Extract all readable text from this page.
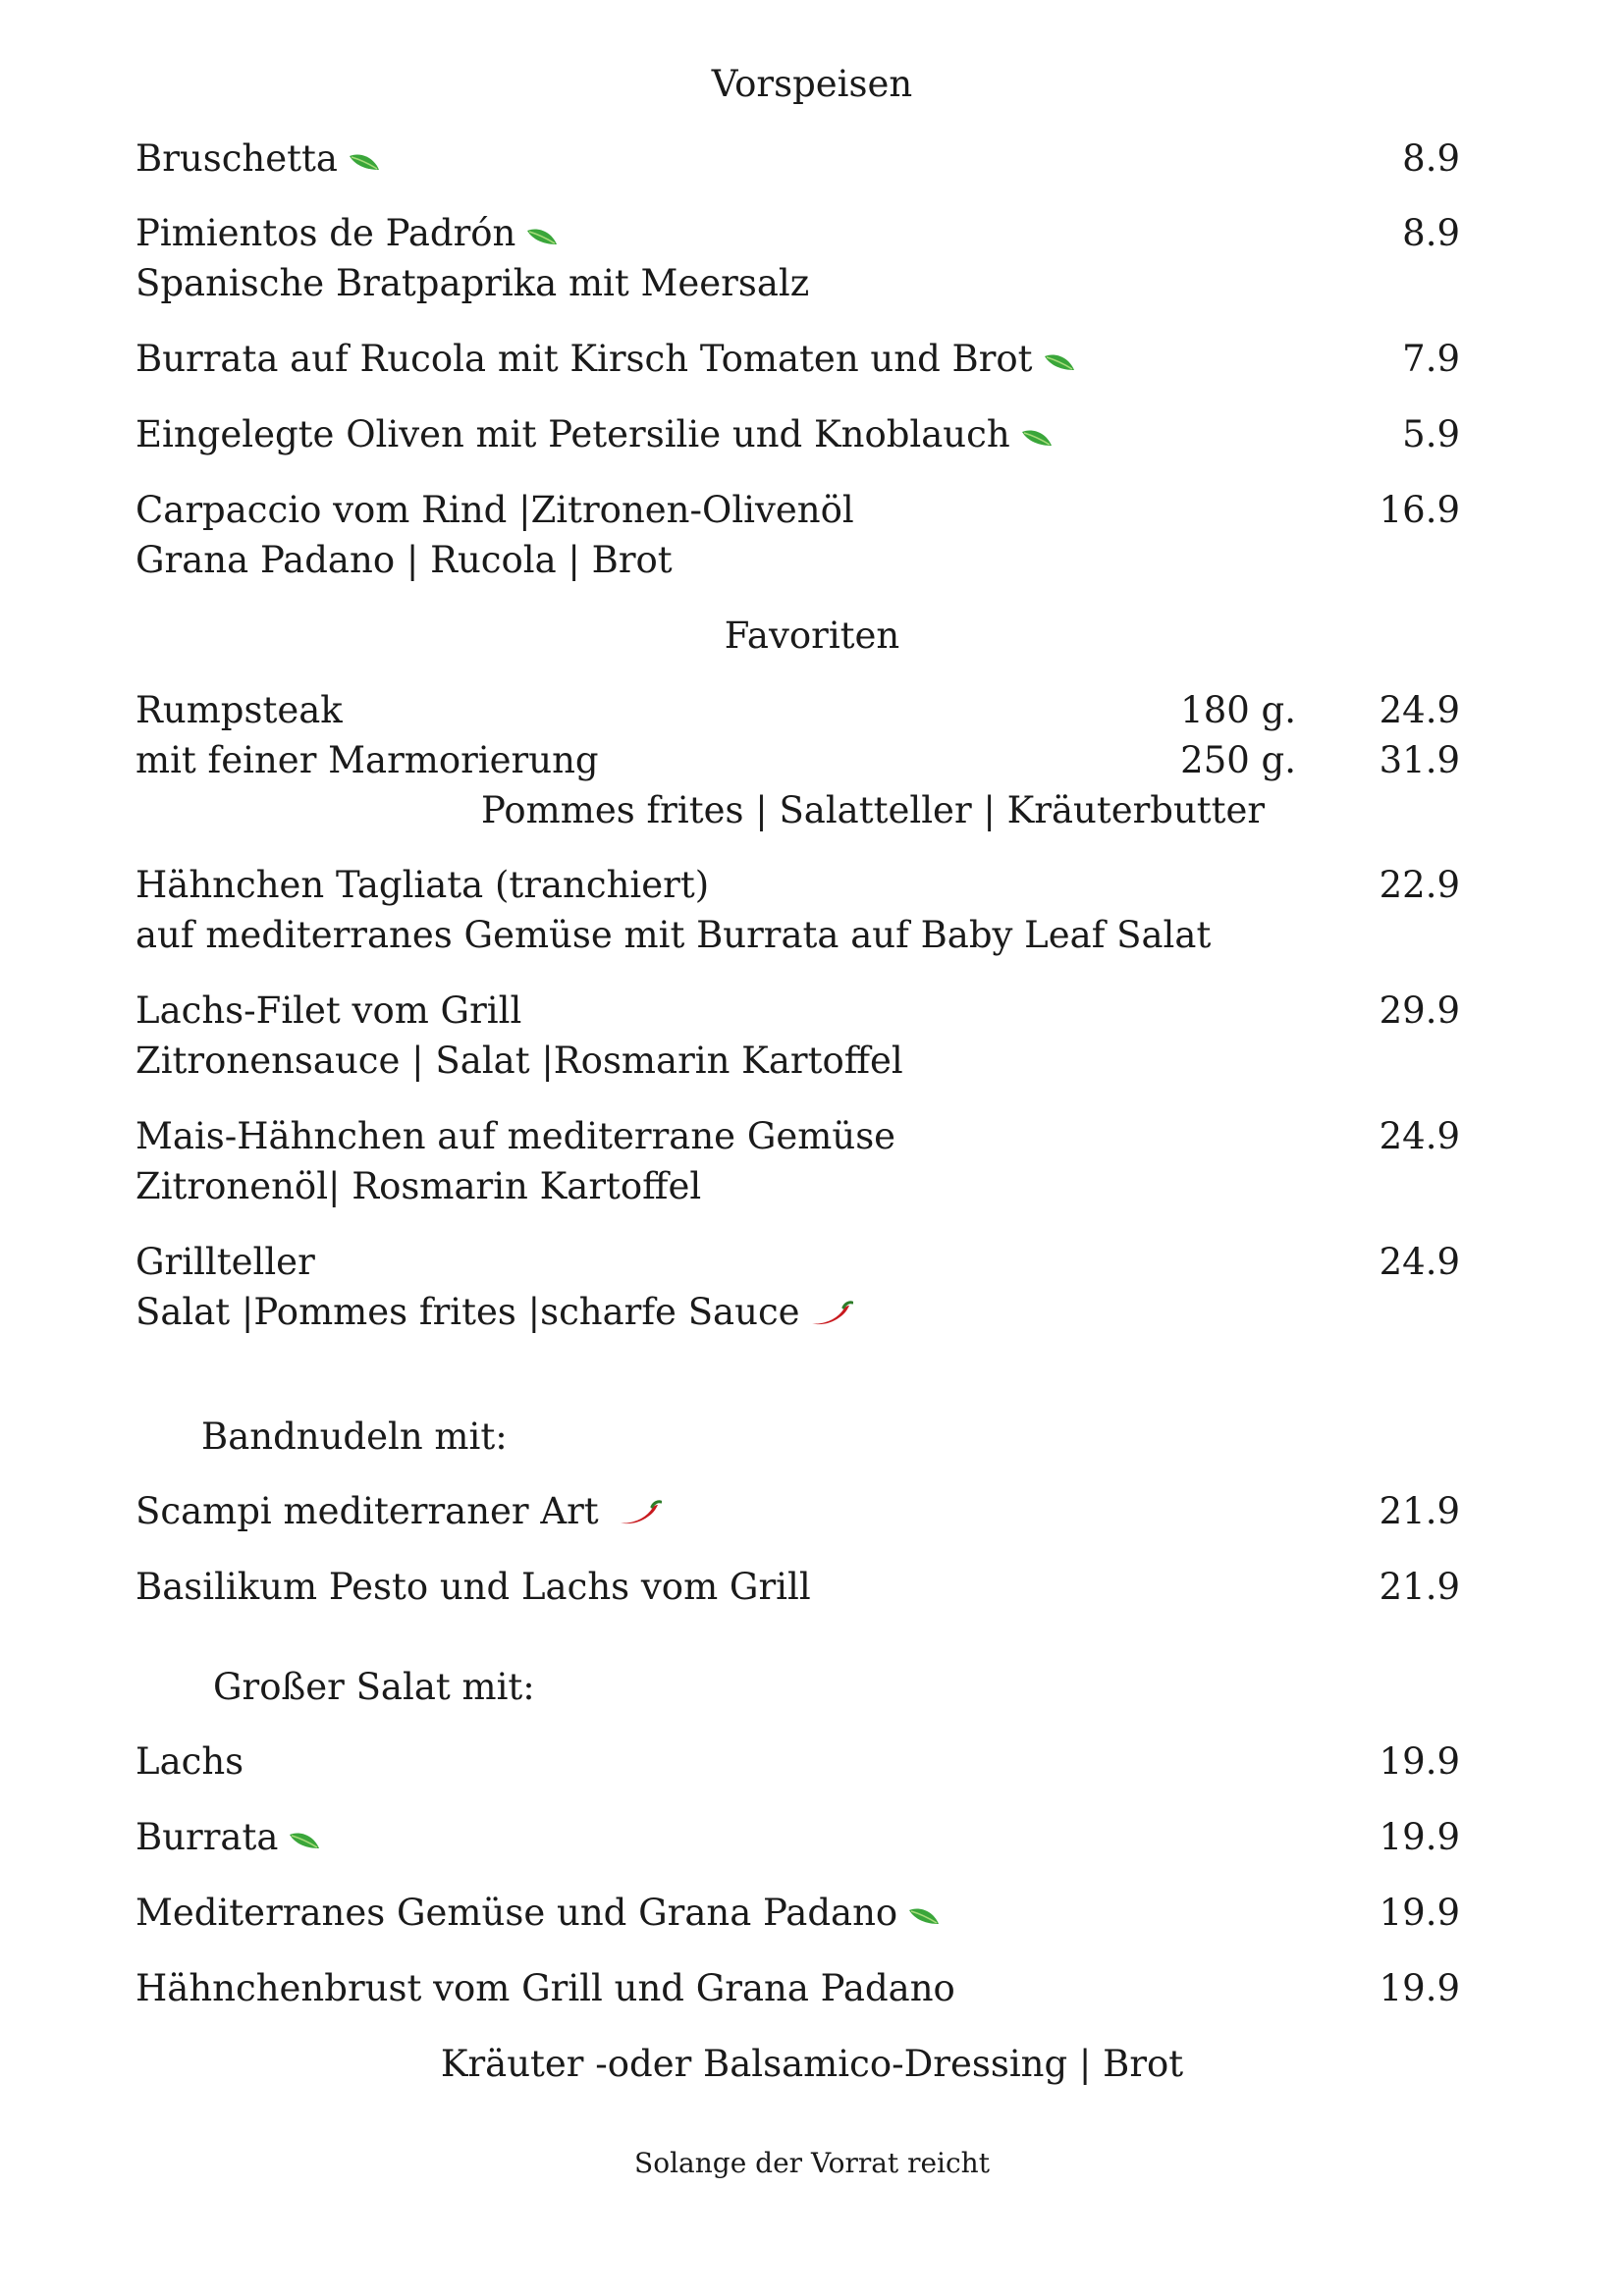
Vorspeisen
Bruschetta	8.9
Pimientos de Padrón	8.9
Spanische Bratpaprika mit Meersalz
Burrata auf Rucola mit Kirsch Tomaten und Brot	7.9
Eingelegte Oliven mit Petersilie und Knoblauch	5.9
Carpaccio vom Rind |Zitronen-Olivenöl	16.9
Grana Padano | Rucola | Brot
Favoriten
Rumpsteak	180 g.	24.9
mit feiner Marmorierung	250 g.	31.9
Pommes frites | Salatteller | Kräuterbutter
Hähnchen Tagliata (tranchiert)	22.9
auf mediterranes Gemüse mit Burrata auf Baby Leaf Salat
Lachs-Filet vom Grill	29.9
Zitronensauce | Salat |Rosmarin Kartoffel
Mais-Hähnchen auf mediterrane Gemüse	24.9
Zitronenöl| Rosmarin Kartoffel
Grillteller	24.9
Salat |Pommes frites |scharfe Sauce
Bandnudeln mit:
Scampi mediterraner Art	21.9
Basilikum Pesto und Lachs vom Grill	21.9
Großer Salat mit:
Lachs	19.9
Burrata	19.9
Mediterranes Gemüse und Grana Padano	19.9
Hähnchenbrust vom Grill und Grana Padano	19.9
Kräuter -oder Balsamico-Dressing | Brot
Solange der Vorrat reicht
